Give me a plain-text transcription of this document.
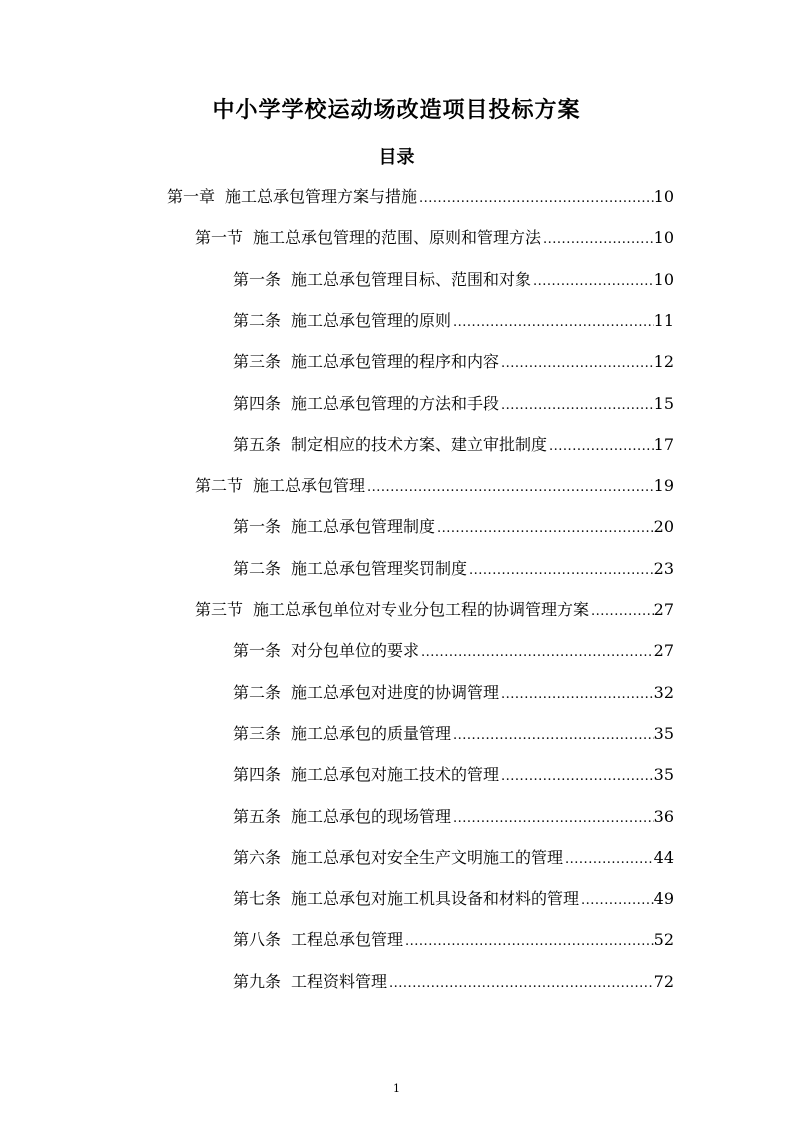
中小学学校运动场改造项目投标方案
目录
第一章 施工总承包管理方案与措施 .....	10
第一节 施工总承包管理的范围、原则和管理方法 .....	10
第一条 施工总承包管理目标、范围和对象 .....	10
第二条 施工总承包管理的原则 .....	11
第三条 施工总承包管理的程序和内容 .....	12
第四条 施工总承包管理的方法和手段 .....	15
第五条 制定相应的技术方案、建立审批制度 .....	17
第二节 施工总承包管理 .....	19
第一条 施工总承包管理制度 .....	20
第二条 施工总承包管理奖罚制度 .....	23
第三节 施工总承包单位对专业分包工程的协调管理方案 .....	27
第一条 对分包单位的要求 .....	27
第二条 施工总承包对进度的协调管理 .....	32
第三条 施工总承包的质量管理 .....	35
第四条 施工总承包对施工技术的管理 .....	35
第五条 施工总承包的现场管理 .....	36
第六条 施工总承包对安全生产文明施工的管理 .....	44
第七条 施工总承包对施工机具设备和材料的管理 .....	49
第八条 工程总承包管理 .....	52
第九条 工程资料管理 .....	72
1
